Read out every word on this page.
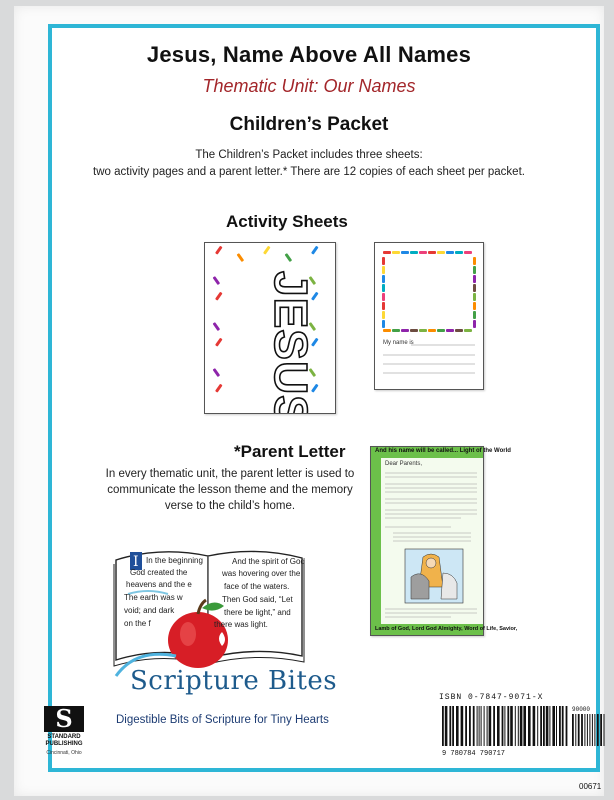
Jesus, Name Above All Names
Thematic Unit: Our Names
Children’s Packet
The Children’s Packet includes three sheets:
two activity pages and a parent letter.* There are 12 copies of each sheet per packet.
Activity Sheets
JESUS	My name is
*Parent Letter
In every thematic unit, the parent letter is used to communicate the lesson theme and the memory verse to the child’s home.
And his name will be called... Light of the World
Dear Parents,
Lamb of God, Lord God Almighty, Word of Life, Savior,
I In the beginning
God created the
heavens and the e
The earth was w
void; and dark
on the f
And the spirit of God
was hovering over the
face of the waters.
Then God said, “Let
there be light,” and
there was light.
Scripture Bites
Digestible Bits of Scripture for Tiny Hearts
S
STANDARD PUBLISHING
Cincinnati, Ohio
ISBN 0-7847-9071-X
9 780784 790717
90000
00671
